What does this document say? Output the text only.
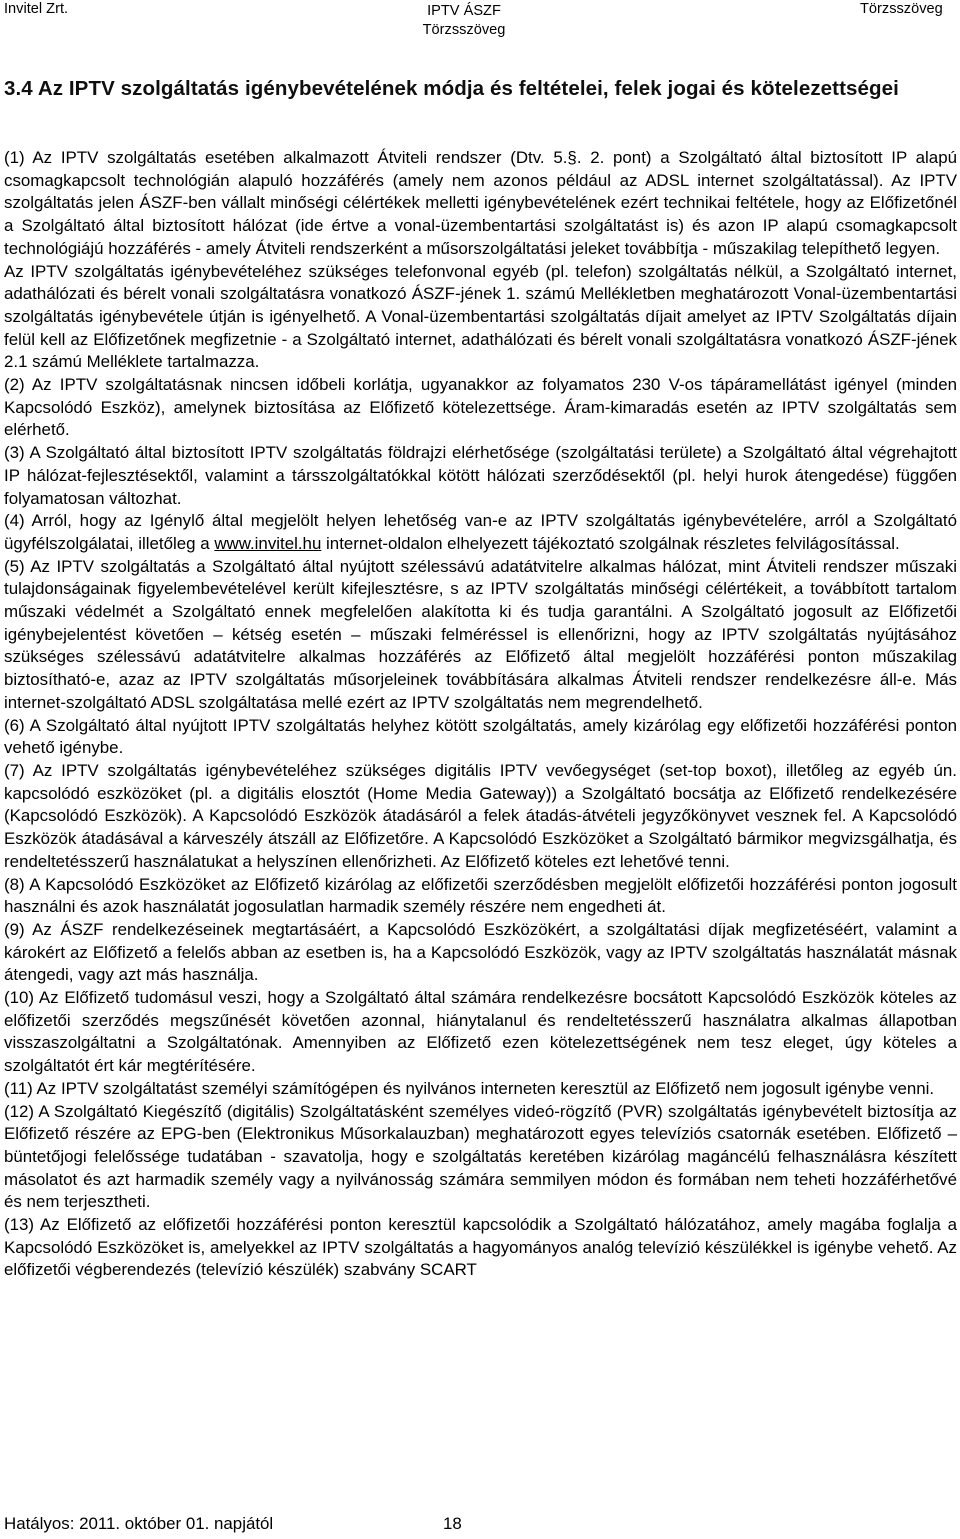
Invitel Zrt.	IPTV ÁSZF
Törzsszöveg
Törzsszöveg
3.4 Az IPTV szolgáltatás igénybevételének módja és feltételei, felek jogai és kötelezettségei

(1) Az IPTV szolgáltatás esetében alkalmazott Átviteli rendszer (Dtv. 5.§. 2. pont) a Szolgáltató által biztosított IP alapú csomagkapcsolt technológián alapuló hozzáférés (amely nem azonos például az ADSL internet szolgáltatással). Az IPTV szolgáltatás jelen ÁSZF-ben vállalt minőségi célértékek melletti igénybevételének ezért technikai feltétele, hogy az Előfizetőnél a Szolgáltató által biztosított hálózat (ide értve a vonal-üzembentartási szolgáltatást is) és azon IP alapú csomagkapcsolt technológiájú hozzáférés - amely Átviteli rendszerként a műsorszolgáltatási jeleket továbbítja - műszakilag telepíthető legyen.

Az IPTV szolgáltatás igénybevételéhez szükséges telefonvonal egyéb (pl. telefon) szolgáltatás nélkül, a Szolgáltató internet, adathálózati és bérelt vonali szolgáltatásra vonatkozó ÁSZF-jének 1. számú Mellékletben meghatározott Vonal-üzembentartási szolgáltatás igénybevétele útján is igényelhető. A Vonal-üzembentartási szolgáltatás díjait amelyet az IPTV Szolgáltatás díjain felül kell az Előfizetőnek megfizetnie - a Szolgáltató internet, adathálózati és bérelt vonali szolgáltatásra vonatkozó ÁSZF-jének 2.1 számú Melléklete tartalmazza.

(2) Az IPTV szolgáltatásnak nincsen időbeli korlátja, ugyanakkor az folyamatos 230 V-os tápáramellátást igényel (minden Kapcsolódó Eszköz), amelynek biztosítása az Előfizető kötelezettsége. Áram-kimaradás esetén az IPTV szolgáltatás sem elérhető.

(3) A Szolgáltató által biztosított IPTV szolgáltatás földrajzi elérhetősége (szolgáltatási területe) a Szolgáltató által végrehajtott IP hálózat-fejlesztésektől, valamint a társszolgáltatókkal kötött hálózati szerződésektől (pl. helyi hurok átengedése) függően folyamatosan változhat.

(4) Arról, hogy az Igénylő által megjelölt helyen lehetőség van-e az IPTV szolgáltatás igénybevételére, arról a Szolgáltató ügyfélszolgálatai, illetőleg a www.invitel.hu internet-oldalon elhelyezett tájékoztató szolgálnak részletes felvilágosítással.

(5) Az IPTV szolgáltatás a Szolgáltató által nyújtott szélessávú adatátvitelre alkalmas hálózat, mint Átviteli rendszer műszaki tulajdonságainak figyelembevételével került kifejlesztésre, s az IPTV szolgáltatás minőségi célértékeit, a továbbított tartalom műszaki védelmét a Szolgáltató ennek megfelelően alakította ki és tudja garantálni. A Szolgáltató jogosult az Előfizetői igénybejelentést követően – kétség esetén – műszaki felméréssel is ellenőrizni, hogy az IPTV szolgáltatás nyújtásához szükséges szélessávú adatátvitelre alkalmas hozzáférés az Előfizető által megjelölt hozzáférési ponton műszakilag biztosítható-e, azaz az IPTV szolgáltatás műsorjeleinek továbbítására alkalmas Átviteli rendszer rendelkezésre áll-e. Más internet-szolgáltató ADSL szolgáltatása mellé ezért az IPTV szolgáltatás nem megrendelhető.

(6) A Szolgáltató által nyújtott IPTV szolgáltatás helyhez kötött szolgáltatás, amely kizárólag egy előfizetői hozzáférési ponton vehető igénybe.

(7) Az IPTV szolgáltatás igénybevételéhez szükséges digitális IPTV vevőegységet (set-top boxot), illetőleg az egyéb ún. kapcsolódó eszközöket (pl. a digitális elosztót (Home Media Gateway)) a Szolgáltató bocsátja az Előfizető rendelkezésére (Kapcsolódó Eszközök). A Kapcsolódó Eszközök átadásáról a felek átadás-átvételi jegyzőkönyvet vesznek fel. A Kapcsolódó Eszközök átadásával a kárveszély átszáll az Előfizetőre. A Kapcsolódó Eszközöket a Szolgáltató bármikor megvizsgálhatja, és rendeltetésszerű használatukat a helyszínen ellenőrizheti. Az Előfizető köteles ezt lehetővé tenni.

(8) A Kapcsolódó Eszközöket az Előfizető kizárólag az előfizetői szerződésben megjelölt előfizetői hozzáférési ponton jogosult használni és azok használatát jogosulatlan harmadik személy részére nem engedheti át.

(9) Az ÁSZF rendelkezéseinek megtartásáért, a Kapcsolódó Eszközökért, a szolgáltatási díjak megfizetéséért, valamint a károkért az Előfizető a felelős abban az esetben is, ha a Kapcsolódó Eszközök, vagy az IPTV szolgáltatás használatát másnak átengedi, vagy azt más használja.

(10) Az Előfizető tudomásul veszi, hogy a Szolgáltató által számára rendelkezésre bocsátott Kapcsolódó Eszközök köteles az előfizetői szerződés megszűnését követően azonnal, hiánytalanul és rendeltetésszerű használatra alkalmas állapotban visszaszolgáltatni a Szolgáltatónak. Amennyiben az Előfizető ezen kötelezettségének nem tesz eleget, úgy köteles a szolgáltatót ért kár megtérítésére.

(11) Az IPTV szolgáltatást személyi számítógépen és nyilvános interneten keresztül az Előfizető nem jogosult igénybe venni.

(12) A Szolgáltató Kiegészítő (digitális) Szolgáltatásként személyes videó-rögzítő (PVR) szolgáltatás igénybevételt biztosítja az Előfizető részére az EPG-ben (Elektronikus Műsorkalauzban) meghatározott egyes televíziós csatornák esetében. Előfizető – büntetőjogi felelőssége tudatában - szavatolja, hogy e szolgáltatás keretében kizárólag magáncélú felhasználásra készített másolatot és azt harmadik személy vagy a nyilvánosság számára semmilyen módon és formában nem teheti hozzáférhetővé és nem terjesztheti.

(13) Az Előfizető az előfizetői hozzáférési ponton keresztül kapcsolódik a Szolgáltató hálózatához, amely magába foglalja a Kapcsolódó Eszközöket is, amelyekkel az IPTV szolgáltatás a hagyományos analóg televízió készülékkel is igénybe vehető. Az előfizetői végberendezés (televízió készülék) szabvány SCART

Hatályos: 2011. október 01. napjától	18
